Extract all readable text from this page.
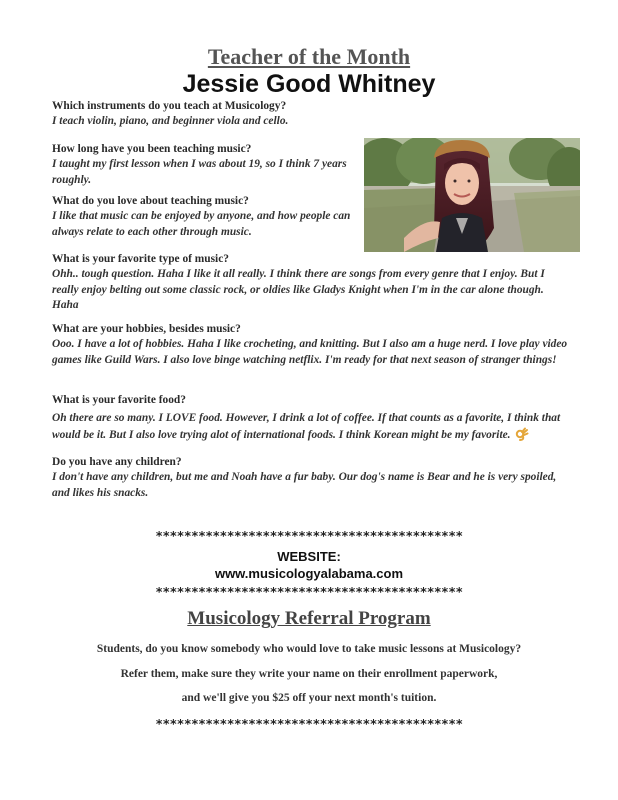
Teacher of the Month
Jessie Good Whitney
Which instruments do you teach at Musicology?
I teach violin, piano, and beginner viola and cello.
How long have you been teaching music?
I taught my first lesson when I was about 19, so I think 7 years roughly.
What do you love about teaching music?
I like that music can be enjoyed by anyone, and how people can always relate to each other through music.
What is your favorite type of music?
Ohh.. tough question. Haha I like it all really. I think there are songs from every genre that I enjoy. But I really enjoy belting out some classic rock, or oldies like Gladys Knight when I'm in the car alone though. Haha
What are your hobbies, besides music?
Ooo. I have a lot of hobbies. Haha I like crocheting, and knitting. But I also am a huge nerd. I love play video games like Guild Wars. I also love binge watching netflix. I'm ready for that next season of stranger things!
What is your favorite food?
Oh there are so many. I LOVE food. However, I drink a lot of coffee. If that counts as a favorite, I think that would be it. But I also love trying alot of international foods. I think Korean might be my favorite.
Do you have any children?
I don't have any children, but me and Noah have a fur baby. Our dog's name is Bear and he is very spoiled, and likes his snacks.
*******************************************
WEBSITE:
www.musicologyalabama.com
*******************************************
Musicology Referral Program
Students, do you know somebody who would love to take music lessons at Musicology?
Refer them, make sure they write your name on their enrollment paperwork,
and we'll give you $25 off your next month's tuition.
*******************************************
